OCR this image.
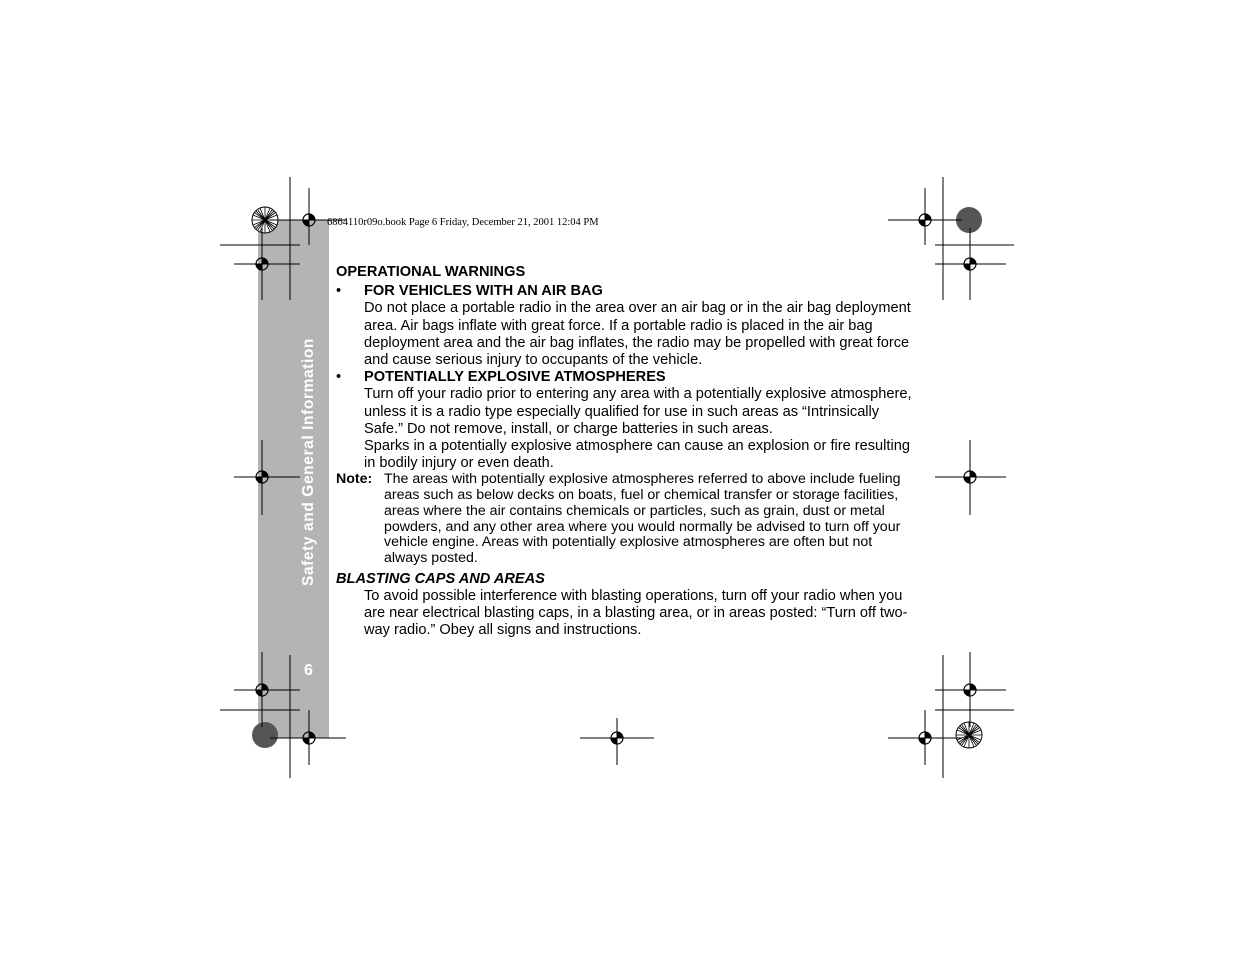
Safety and General Information
6
6864110r09o.book Page 6 Friday, December 21, 2001 12:04 PM
OPERATIONAL WARNINGS
• FOR VEHICLES WITH AN AIR BAG
Do not place a portable radio in the area over an air bag or in the air bag deployment area. Air bags inflate with great force. If a portable radio is placed in the air bag deployment area and the air bag inflates, the radio may be propelled with great force and cause serious injury to occupants of the vehicle.
• POTENTIALLY EXPLOSIVE ATMOSPHERES
Turn off your radio prior to entering any area with a potentially explosive atmosphere, unless it is a radio type especially qualified for use in such areas as “Intrinsically Safe.” Do not remove, install, or charge batteries in such areas.
Sparks in a potentially explosive atmosphere can cause an explosion or fire resulting in bodily injury or even death.
Note: The areas with potentially explosive atmospheres referred to above include fueling areas such as below decks on boats, fuel or chemical transfer or storage facilities, areas where the air contains chemicals or particles, such as grain, dust or metal powders, and any other area where you would normally be advised to turn off your vehicle engine. Areas with potentially explosive atmospheres are often but not always posted.
BLASTING CAPS AND AREAS
To avoid possible interference with blasting operations, turn off your radio when you are near electrical blasting caps, in a blasting area, or in areas posted: “Turn off two-way radio.” Obey all signs and instructions.
